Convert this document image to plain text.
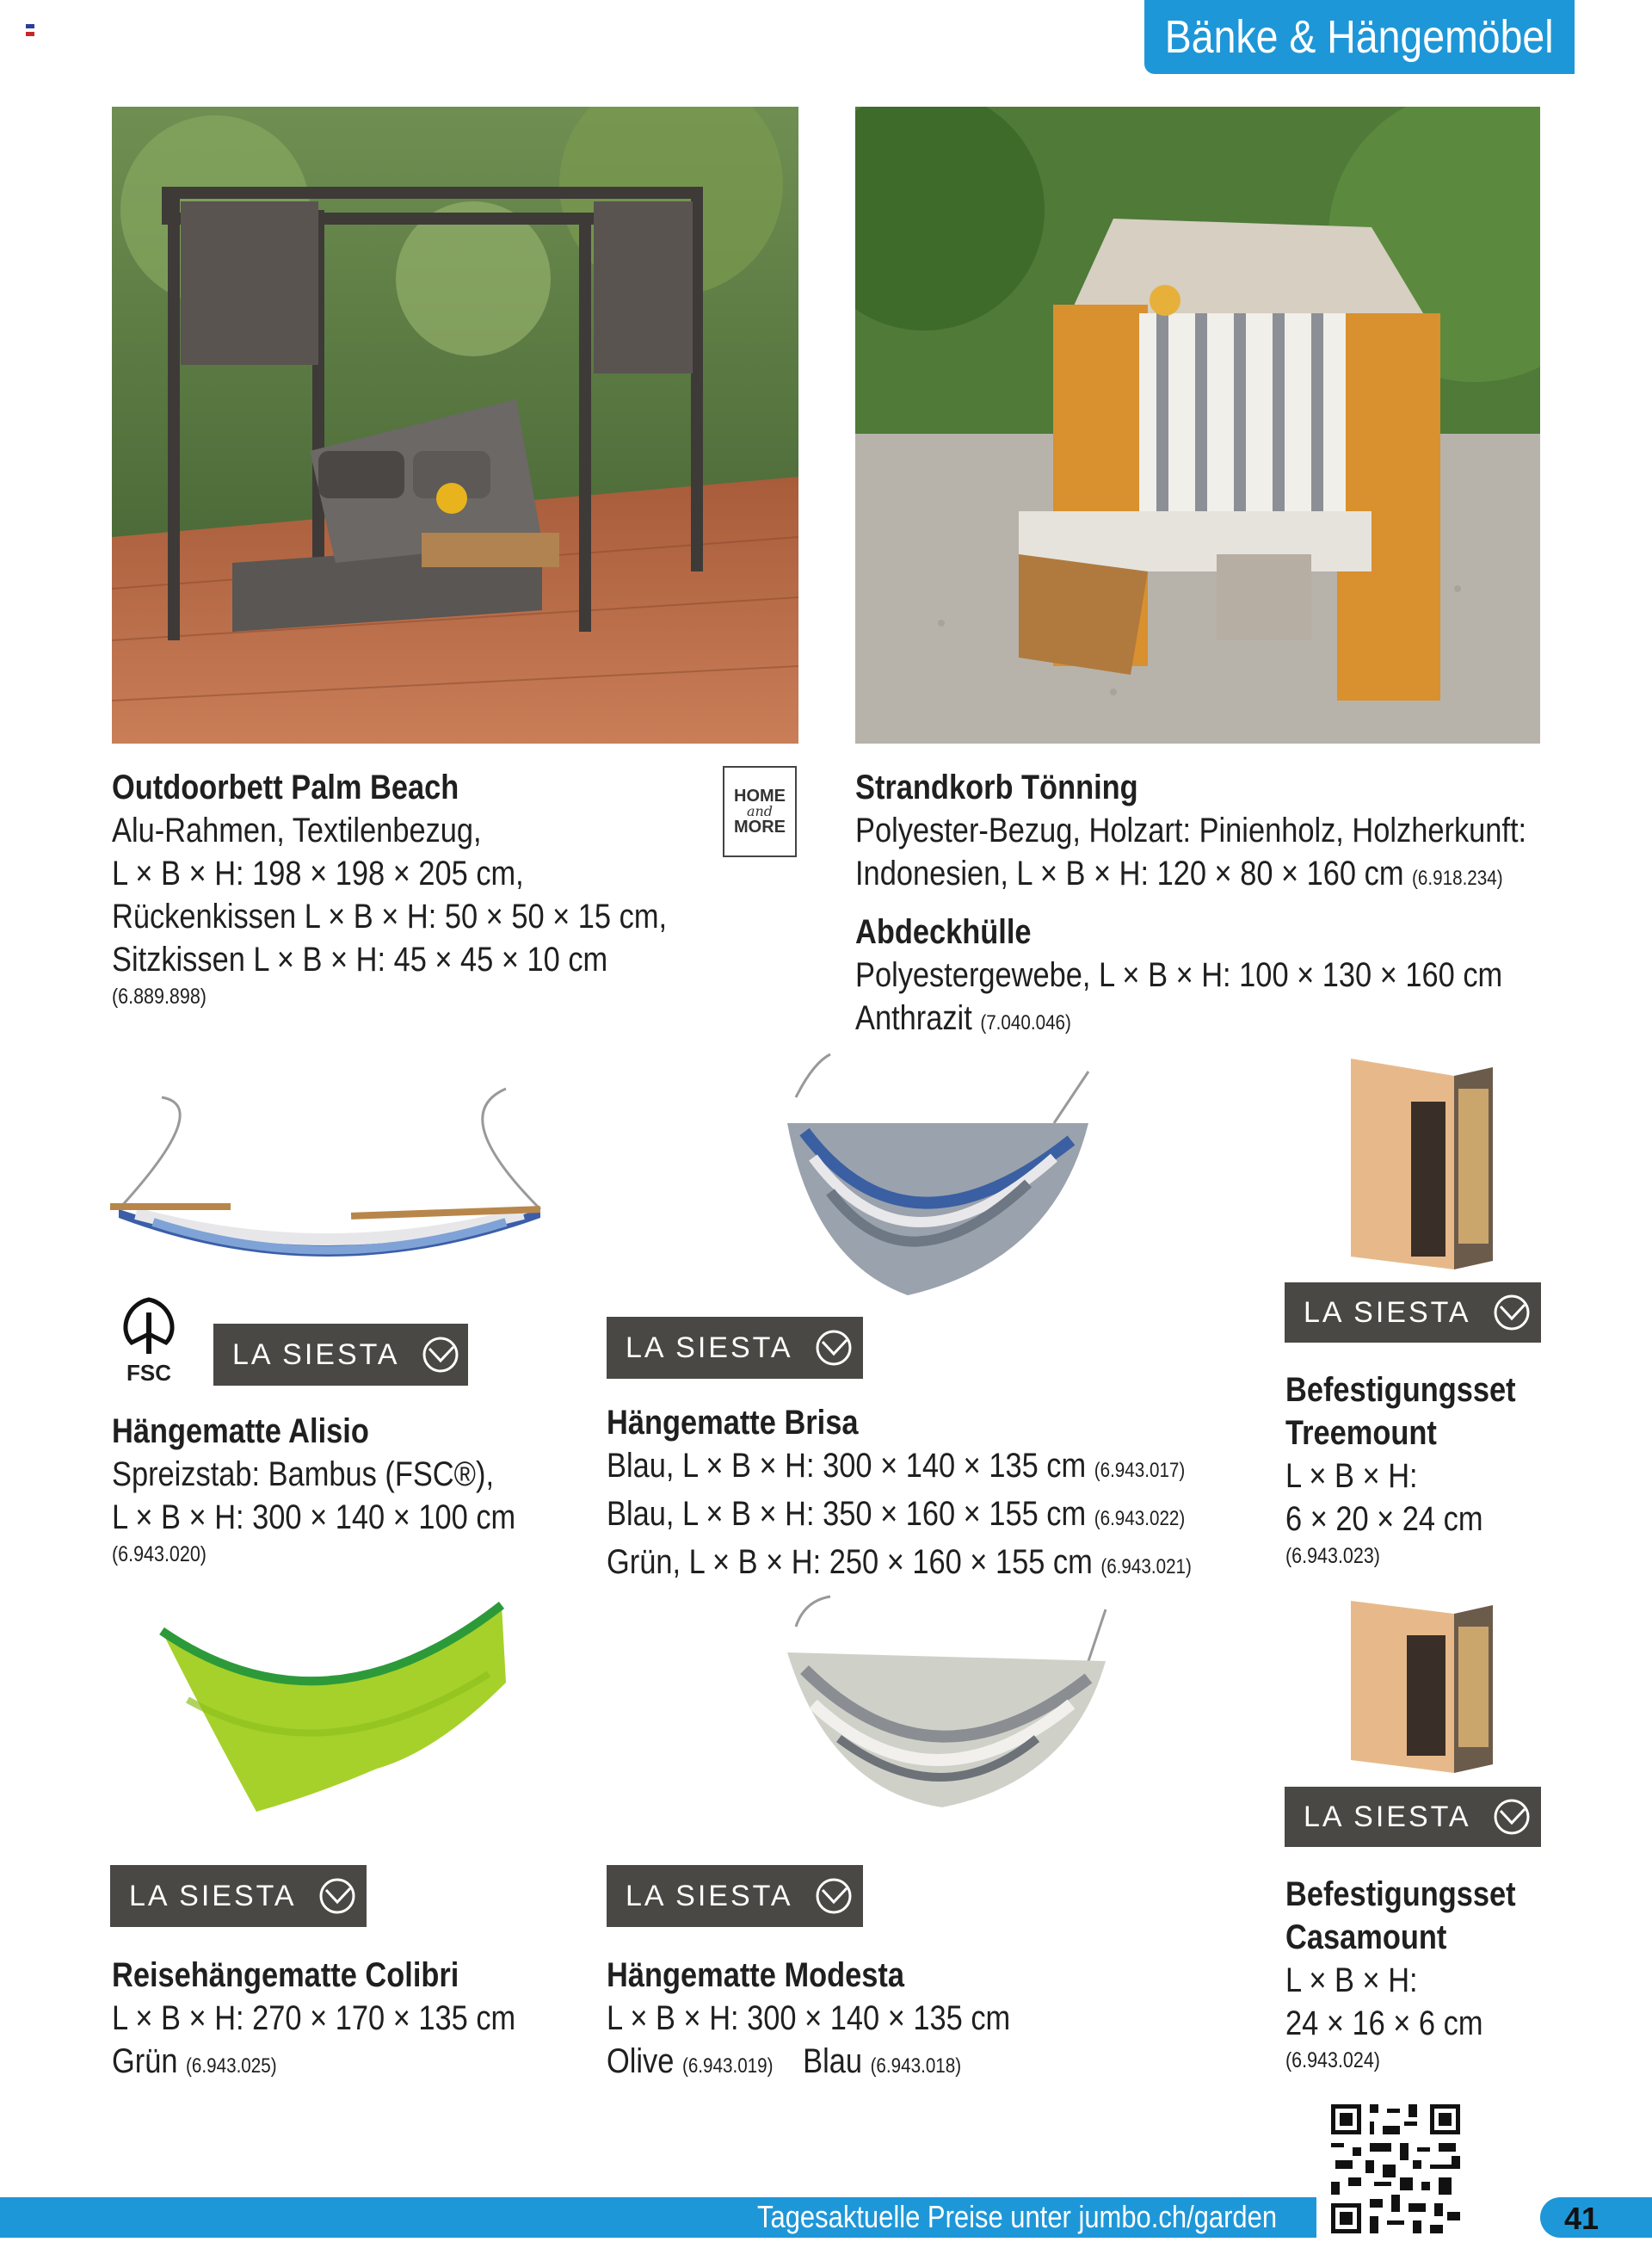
Bänke & Hängemöbel
Outdoorbett Palm Beach
Alu-Rahmen, Textilenbezug,
L × B × H: 198 × 198 × 205 cm,
Rückenkissen L × B × H: 50 × 50 × 15 cm,
Sitzkissen L × B × H: 45 × 45 × 10 cm
(6.889.898)
HOME
and
MORE
Strandkorb Tönning
Polyester-Bezug, Holzart: Pinienholz, Holzherkunft:
Indonesien, L × B × H: 120 × 80 × 160 cm (6.918.234)
Abdeckhülle
Polyestergewebe, L × B × H: 100 × 130 × 160 cm
Anthrazit (7.040.046)
FSC
LA SIESTA
Hängematte Alisio
Spreizstab: Bambus (FSC®),
L × B × H: 300 × 140 × 100 cm
(6.943.020)
LA SIESTA
Hängematte Brisa
Blau, L × B × H: 300 × 140 × 135 cm (6.943.017)
Blau, L × B × H: 350 × 160 × 155 cm (6.943.022)
Grün, L × B × H: 250 × 160 × 155 cm (6.943.021)
LA SIESTA
Befestigungsset
Treemount
L × B × H:
6 × 20 × 24 cm
(6.943.023)
LA SIESTA
Reisehängematte Colibri
L × B × H: 270 × 170 × 135 cm
Grün (6.943.025)
LA SIESTA
Hängematte Modesta
L × B × H: 300 × 140 × 135 cm
Olive (6.943.019) Blau (6.943.018)
LA SIESTA
Befestigungsset
Casamount
L × B × H:
24 × 16 × 6 cm
(6.943.024)
Tagesaktuelle Preise unter jumbo.ch/garden	41
